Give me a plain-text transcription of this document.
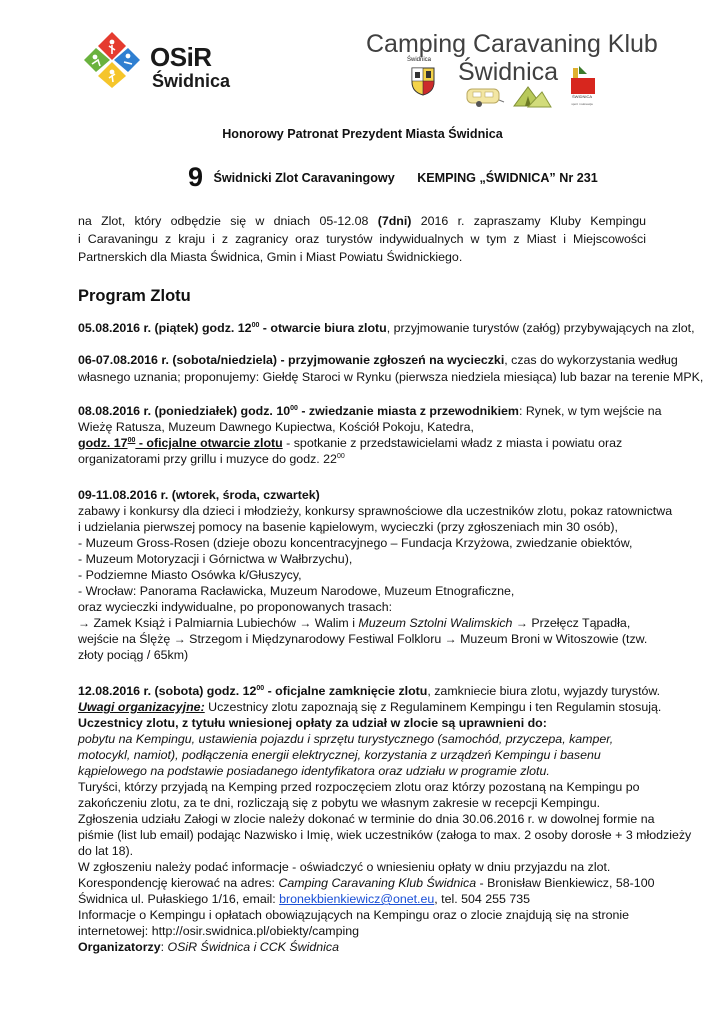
OSiR
Świdnica
Camping Caravaning Klub
Świdnica
Świdnica
ŚWIDNICA
sport i rekreacja
Honorowy Patronat Prezydent Miasta Świdnica
9 Świdnicki Zlot Caravaningowy KEMPING „ŚWIDNICA” Nr 231
na Zlot, który odbędzie się w dniach 05-12.08 (7dni) 2016 r. zapraszamy Kluby Kempingu
i Caravaningu z kraju i z zagranicy oraz turystów indywidualnych w tym z Miast i Miejscowości
Partnerskich dla Miasta Świdnica, Gmin i Miast Powiatu Świdnickiego.
Program Zlotu
05.08.2016 r. (piątek) godz. $12^{00}$ - otwarcie biura zlotu, przyjmowanie turystów (załóg) przybywających na zlot,
06-07.08.2016 r. (sobota/niedziela) - przyjmowanie zgłoszeń na wycieczki, czas do wykorzystania według
własnego uznania; proponujemy: Giełdę Staroci w Rynku (pierwsza niedziela miesiąca) lub bazar na terenie MPK,
08.08.2016 r. (poniedziałek) godz. $10^{00}$ - zwiedzanie miasta z przewodnikiem: Rynek, w tym wejście na
Wieżę Ratusza, Muzeum Dawnego Kupiectwa, Kościół Pokoju, Katedra,
godz. $17^{00}$ - oficjalne otwarcie zlotu - spotkanie z przedstawicielami władz z miasta i powiatu oraz
organizatorami przy grillu i muzyce do godz. $22^{00}$
09-11.08.2016 r. (wtorek, środa, czwartek)
zabawy i konkursy dla dzieci i młodzieży, konkursy sprawnościowe dla uczestników zlotu, pokaz ratownictwa
i udzielania pierwszej pomocy na basenie kąpielowym, wycieczki (przy zgłoszeniach min 30 osób),
- Muzeum Gross-Rosen (dzieje obozu koncentracyjnego – Fundacja Krzyżowa, zwiedzanie obiektów,
- Muzeum Motoryzacji i Górnictwa w Wałbrzychu),
- Podziemne Miasto Osówka k/Głuszycy,
- Wrocław: Panorama Racławicka, Muzeum Narodowe, Muzeum Etnograficzne,
oraz wycieczki indywidualne, po proponowanych trasach:
→ Zamek Książ i Palmiarnia Lubiechów → Walim i Muzeum Sztolni Walimskich → Przełęcz Tąpadła,
wejście na Ślężę → Strzegom i Międzynarodowy Festiwal Folkloru → Muzeum Broni w Witoszowie (tzw.
złoty pociąg / 65km)
12.08.2016 r. (sobota) godz. $12^{00}$ - oficjalne zamknięcie zlotu, zamkniecie biura zlotu, wyjazdy turystów.
Uwagi organizacyjne: Uczestnicy zlotu zapoznają się z Regulaminem Kempingu i ten Regulamin stosują.
Uczestnicy zlotu, z tytułu wniesionej opłaty za udział w zlocie są uprawnieni do:
pobytu na Kempingu, ustawienia pojazdu i sprzętu turystycznego (samochód, przyczepa, kamper,
motocykl, namiot), podłączenia energii elektrycznej, korzystania z urządzeń Kempingu i basenu
kąpielowego na podstawie posiadanego identyfikatora oraz udziału w programie zlotu.
Turyści, którzy przyjadą na Kemping przed rozpoczęciem zlotu oraz którzy pozostaną na Kempingu po
zakończeniu zlotu, za te dni, rozliczają się z pobytu we własnym zakresie w recepcji Kempingu.
Zgłoszenia udziału Załogi w zlocie należy dokonać w terminie do dnia 30.06.2016 r. w dowolnej formie na
piśmie (list lub email) podając Nazwisko i Imię, wiek uczestników (załoga to max. 2 osoby dorosłe + 3 młodzieży
do lat 18).
W zgłoszeniu należy podać informacje - oświadczyć o wniesieniu opłaty w dniu przyjazdu na zlot.
Korespondencję kierować na adres: Camping Caravaning Klub Świdnica - Bronisław Bienkiewicz, 58-100
Świdnica ul. Pułaskiego 1/16, email: bronekbienkiewicz@onet.eu, tel. 504 255 735
Informacje o Kempingu i opłatach obowiązujących na Kempingu oraz o zlocie znajdują się na stronie
internetowej: http://osir.swidnica.pl/obiekty/camping
Organizatorzy: OSiR Świdnica i CCK Świdnica
